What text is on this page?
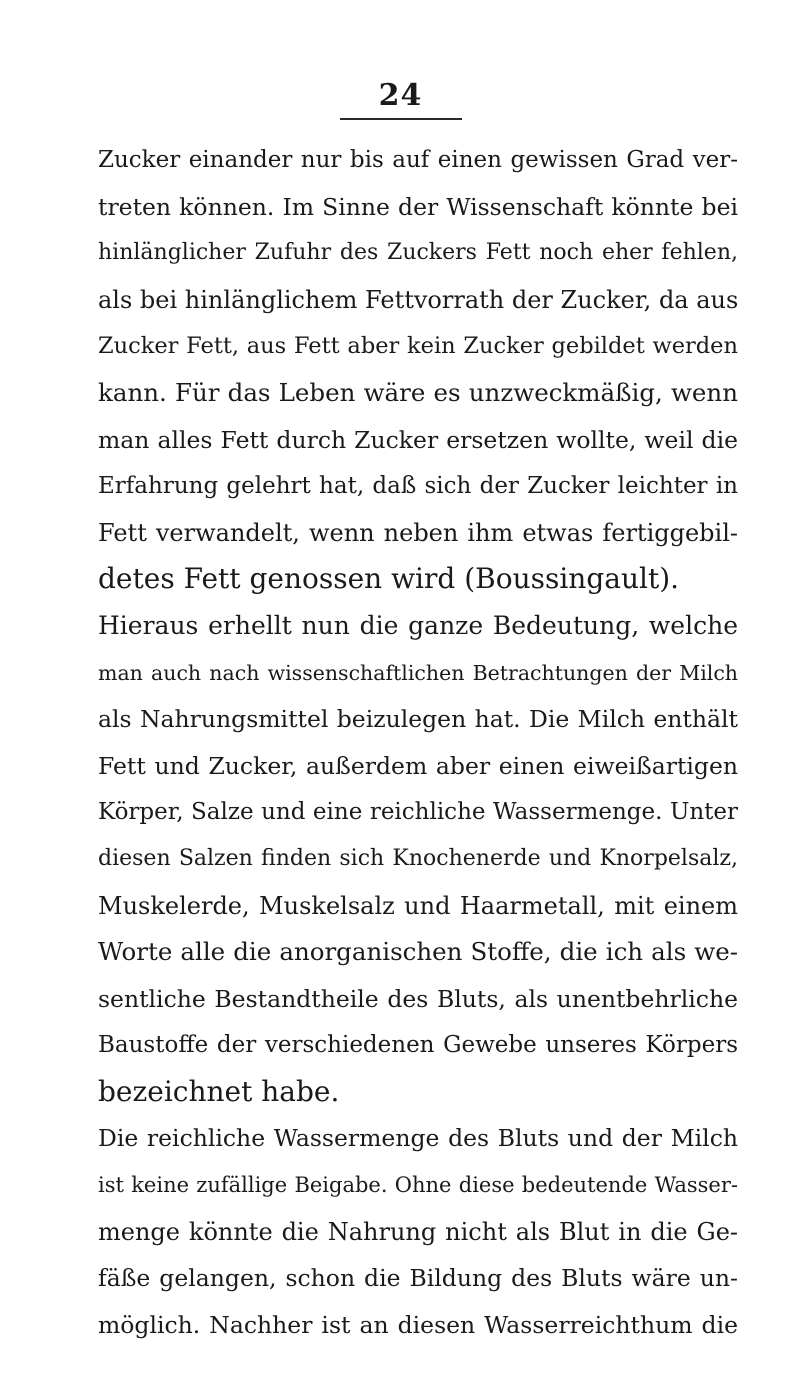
24
Zucker einander nur bis auf einen gewissen Grad ver-
treten können. Im Sinne der Wissenschaft könnte bei
hinlänglicher Zufuhr des Zuckers Fett noch eher fehlen,
als bei hinlänglichem Fettvorrath der Zucker, da aus
Zucker Fett, aus Fett aber kein Zucker gebildet werden
kann. Für das Leben wäre es unzweckmäßig, wenn
man alles Fett durch Zucker ersetzen wollte, weil die
Erfahrung gelehrt hat, daß sich der Zucker leichter in
Fett verwandelt, wenn neben ihm etwas fertiggebil-
detes Fett genossen wird (Boussingault).
Hieraus erhellt nun die ganze Bedeutung, welche
man auch nach wissenschaftlichen Betrachtungen der Milch
als Nahrungsmittel beizulegen hat. Die Milch enthält
Fett und Zucker, außerdem aber einen eiweißartigen
Körper, Salze und eine reichliche Wassermenge. Unter
diesen Salzen finden sich Knochenerde und Knorpelsalz,
Muskelerde, Muskelsalz und Haarmetall, mit einem
Worte alle die anorganischen Stoffe, die ich als we-
sentliche Bestandtheile des Bluts, als unentbehrliche
Baustoffe der verschiedenen Gewebe unseres Körpers
bezeichnet habe.
Die reichliche Wassermenge des Bluts und der Milch
ist keine zufällige Beigabe. Ohne diese bedeutende Wasser-
menge könnte die Nahrung nicht als Blut in die Ge-
fäße gelangen, schon die Bildung des Bluts wäre un-
möglich. Nachher ist an diesen Wasserreichthum die
